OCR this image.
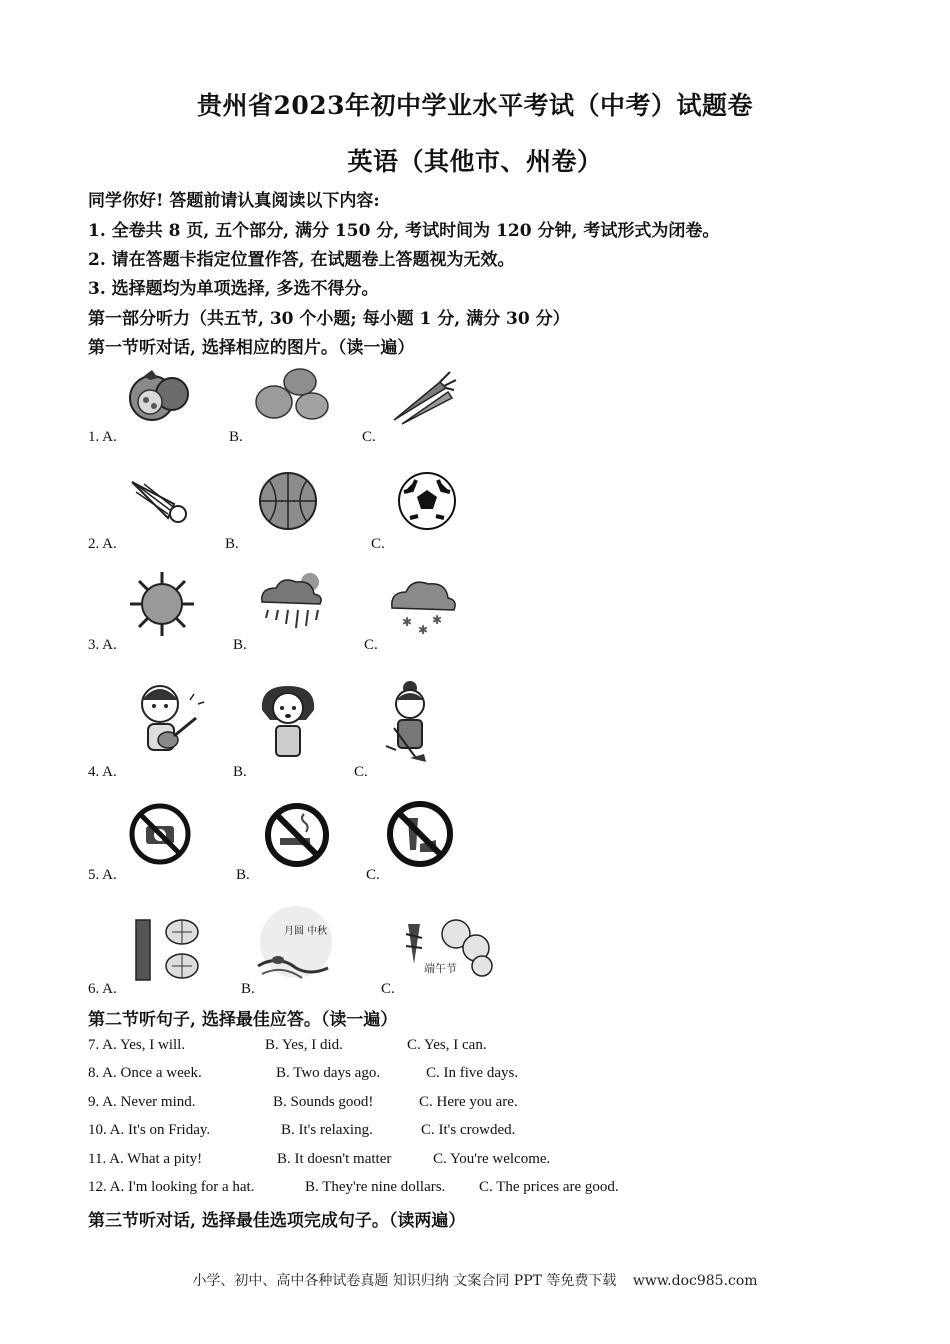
贵州省2023年初中学业水平考试（中考）试题卷
英语（其他市、州卷）
同学你好! 答题前请认真阅读以下内容:
1. 全卷共 8 页, 五个部分, 满分 150 分, 考试时间为 120 分钟, 考试形式为闭卷。
2. 请在答题卡指定位置作答, 在试题卷上答题视为无效。
3. 选择题均为单项选择, 多选不得分。
第一部分听力（共五节, 30 个小题; 每小题 1 分, 满分 30 分）
第一节听对话, 选择相应的图片。（读一遍）
1. A.	B.	C.
2. A.	B.	C.
✱
✱
✱
3. A.	B.	C.
4. A.	B.	C.
5. A.	B.	C.
月圆 中秋
端午节
6. A.	B.	C.
第二节听句子, 选择最佳应答。（读一遍）
7. A. Yes, I will.	B. Yes, I did.	C. Yes, I can.
8. A. Once a week.	B. Two days ago.	C. In five days.
9. A. Never mind.	B. Sounds good!	C. Here you are.
10. A. It's on Friday.	B. It's relaxing.	C. It's crowded.
11. A. What a pity!	B. It doesn't matter	C. You're welcome.
12. A. I'm looking for a hat.	B. They're nine dollars. C. The prices are good.
第三节听对话, 选择最佳选项完成句子。（读两遍）
小学、初中、高中各种试卷真题 知识归纳 文案合同 PPT 等免费下载 www.doc985.com
